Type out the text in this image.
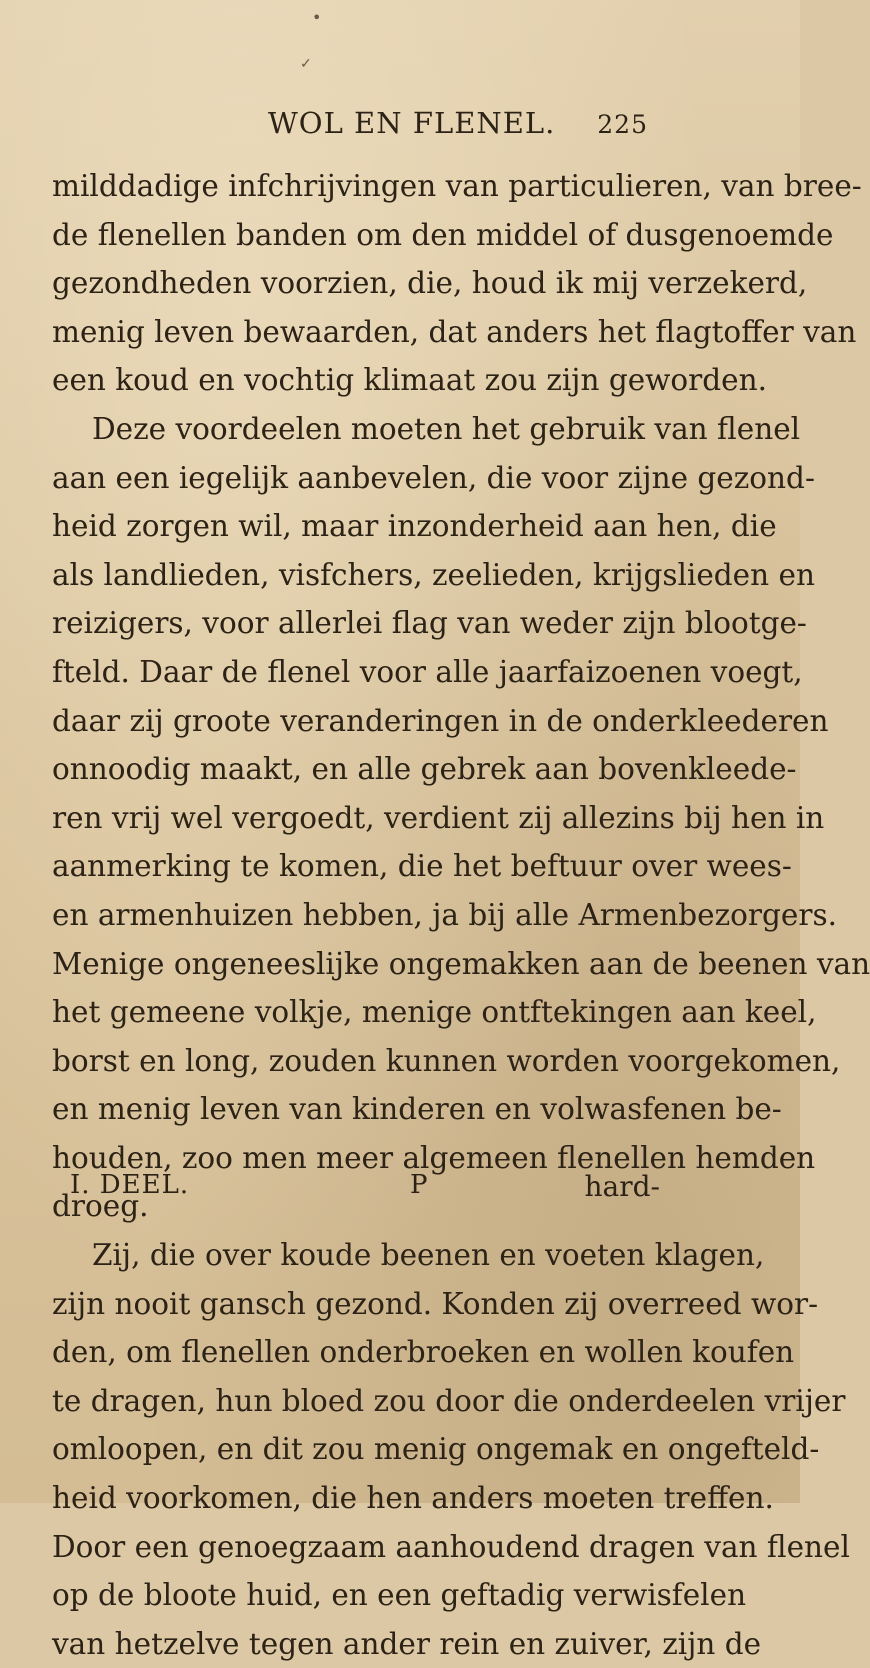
•
✓
WOL EN FLENEL. 225
milddadige infchrijvingen van particulieren, van bree-
de flenellen banden om den middel of dusgenoemde
gezondheden voorzien, die, houd ik mij verzekerd,
menig leven bewaarden, dat anders het flagtoffer van
een koud en vochtig klimaat zou zijn geworden.
Deze voordeelen moeten het gebruik van flenel
aan een iegelijk aanbevelen, die voor zijne gezond-
heid zorgen wil, maar inzonderheid aan hen, die
als landlieden, visfchers, zeelieden, krijgslieden en
reizigers, voor allerlei flag van weder zijn blootge-
fteld. Daar de flenel voor alle jaarfaizoenen voegt,
daar zij groote veranderingen in de onderkleederen
onnoodig maakt, en alle gebrek aan bovenkleede-
ren vrij wel vergoedt, verdient zij allezins bij hen in
aanmerking te komen, die het beftuur over wees-
en armenhuizen hebben, ja bij alle Armenbezorgers.
Menige ongeneeslijke ongemakken aan de beenen van
het gemeene volkje, menige ontftekingen aan keel,
borst en long, zouden kunnen worden voorgekomen,
en menig leven van kinderen en volwasfenen be-
houden, zoo men meer algemeen flenellen hemden
droeg.
Zij, die over koude beenen en voeten klagen,
zijn nooit gansch gezond. Konden zij overreed wor-
den, om flenellen onderbroeken en wollen koufen
te dragen, hun bloed zou door die onderdeelen vrijer
omloopen, en dit zou menig ongemak en ongefteld-
heid voorkomen, die hen anders moeten treffen.
Door een genoegzaam aanhoudend dragen van flenel
op de bloote huid, en een geftadig verwisfelen
van hetzelve tegen ander rein en zuiver, zijn de
I. DEEL.	P	hard-
